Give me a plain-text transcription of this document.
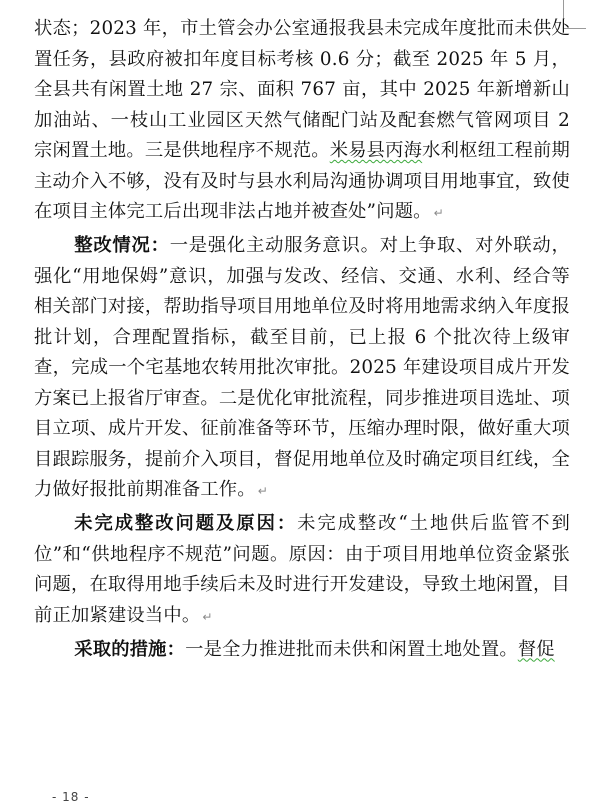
状态；2023 年，市土管会办公室通报我县未完成年度批而未供处置任务，县政府被扣年度目标考核 0.6 分；截至 2025 年 5 月，全县共有闲置土地 27 宗、面积 767 亩，其中 2025 年新增新山加油站、一枝山工业园区天然气储配门站及配套燃气管网项目 2 宗闲置土地。三是供地程序不规范。米易县丙海水利枢纽工程前期主动介入不够，没有及时与县水利局沟通协调项目用地事宜，致使在项目主体完工后出现非法占地并被查处”问题。 ↵

整改情况：一是强化主动服务意识。对上争取、对外联动，强化“用地保姆”意识，加强与发改、经信、交通、水利、经合等相关部门对接，帮助指导项目用地单位及时将用地需求纳入年度报批计划，合理配置指标，截至目前，已上报 6 个批次待上级审查，完成一个宅基地农转用批次审批。2025 年建设项目成片开发方案已上报省厅审查。二是优化审批流程，同步推进项目选址、项目立项、成片开发、征前准备等环节，压缩办理时限，做好重大项目跟踪服务，提前介入项目，督促用地单位及时确定项目红线，全力做好报批前期准备工作。 ↵

未完成整改问题及原因：未完成整改“土地供后监管不到位”和“供地程序不规范”问题。原因：由于项目用地单位资金紧张问题，在取得用地手续后未及时进行开发建设，导致土地闲置，目前正加紧建设当中。 ↵

采取的措施：一是全力推进批而未供和闲置土地处置。督促

- 18 -
